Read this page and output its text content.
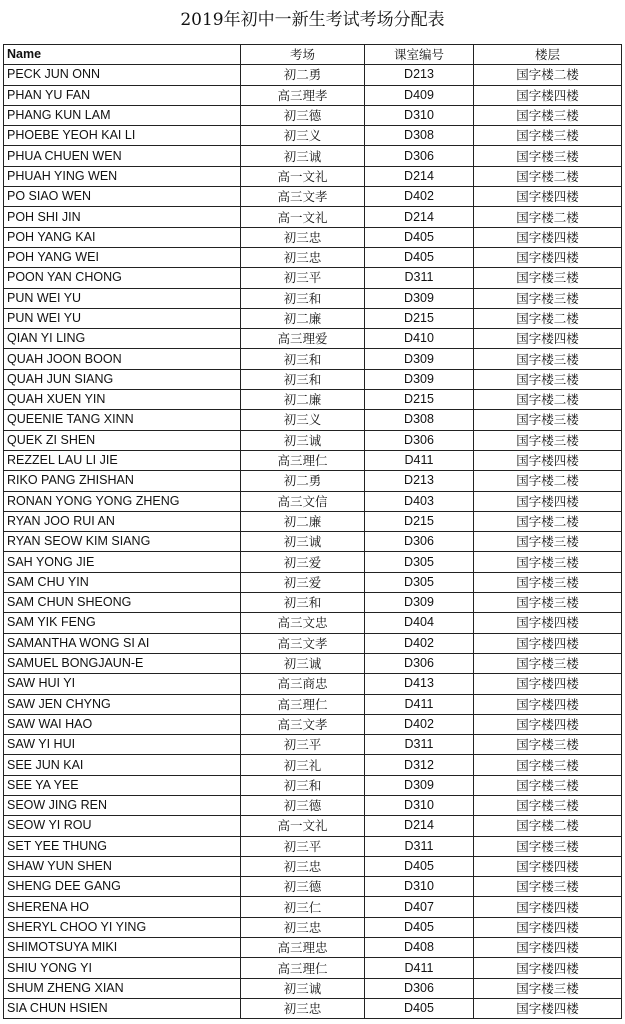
2019年初中一新生考试考场分配表
Name	考场	课室编号	楼层
PECK JUN ONN	初二勇	D213	国字楼二楼
PHAN YU FAN	高三理孝	D409	国字楼四楼
PHANG KUN LAM	初三德	D310	国字楼三楼
PHOEBE YEOH KAI LI	初三义	D308	国字楼三楼
PHUA CHUEN WEN	初三诚	D306	国字楼三楼
PHUAH YING WEN	高一文礼	D214	国字楼二楼
PO SIAO WEN	高三文孝	D402	国字楼四楼
POH SHI JIN	高一文礼	D214	国字楼二楼
POH YANG KAI	初三忠	D405	国字楼四楼
POH YANG WEI	初三忠	D405	国字楼四楼
POON YAN CHONG	初三平	D311	国字楼三楼
PUN WEI YU	初三和	D309	国字楼三楼
PUN WEI YU	初二廉	D215	国字楼二楼
QIAN YI LING	高三理爱	D410	国字楼四楼
QUAH JOON BOON	初三和	D309	国字楼三楼
QUAH JUN SIANG	初三和	D309	国字楼三楼
QUAH XUEN YIN	初二廉	D215	国字楼二楼
QUEENIE TANG XINN	初三义	D308	国字楼三楼
QUEK ZI SHEN	初三诚	D306	国字楼三楼
REZZEL LAU LI JIE	高三理仁	D411	国字楼四楼
RIKO PANG ZHISHAN	初二勇	D213	国字楼二楼
RONAN YONG YONG ZHENG	高三文信	D403	国字楼四楼
RYAN JOO RUI AN	初二廉	D215	国字楼二楼
RYAN SEOW KIM SIANG	初三诚	D306	国字楼三楼
SAH YONG JIE	初三爱	D305	国字楼三楼
SAM CHU YIN	初三爱	D305	国字楼三楼
SAM CHUN SHEONG	初三和	D309	国字楼三楼
SAM YIK FENG	高三文忠	D404	国字楼四楼
SAMANTHA WONG SI AI	高三文孝	D402	国字楼四楼
SAMUEL BONGJAUN-E	初三诚	D306	国字楼三楼
SAW HUI YI	高三商忠	D413	国字楼四楼
SAW JEN CHYNG	高三理仁	D411	国字楼四楼
SAW WAI HAO	高三文孝	D402	国字楼四楼
SAW YI HUI	初三平	D311	国字楼三楼
SEE JUN KAI	初三礼	D312	国字楼三楼
SEE YA YEE	初三和	D309	国字楼三楼
SEOW JING REN	初三德	D310	国字楼三楼
SEOW YI ROU	高一文礼	D214	国字楼二楼
SET YEE THUNG	初三平	D311	国字楼三楼
SHAW YUN SHEN	初三忠	D405	国字楼四楼
SHENG DEE GANG	初三德	D310	国字楼三楼
SHERENA HO	初三仁	D407	国字楼四楼
SHERYL CHOO YI YING	初三忠	D405	国字楼四楼
SHIMOTSUYA MIKI	高三理忠	D408	国字楼四楼
SHIU YONG YI	高三理仁	D411	国字楼四楼
SHUM ZHENG XIAN	初三诚	D306	国字楼三楼
SIA CHUN HSIEN	初三忠	D405	国字楼四楼
